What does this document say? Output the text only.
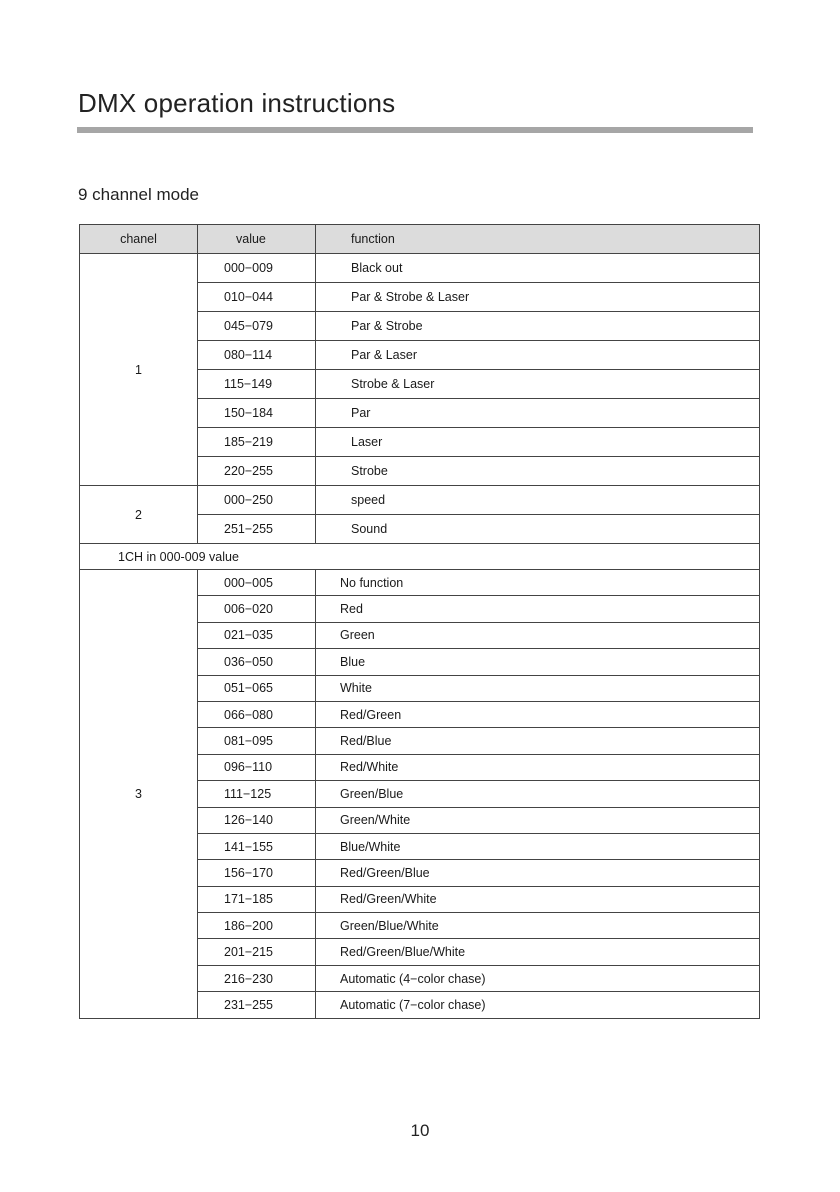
DMX operation instructions
9 channel mode
chanel	value	function
1	000−009	Black out
	010−044	Par & Strobe & Laser
	045−079	Par & Strobe
	080−114	Par & Laser
	115−149	Strobe & Laser
	150−184	Par
	185−219	Laser
	220−255	Strobe
2	000−250	speed
	251−255	Sound
1CH in 000-009 value		
3	000−005	No function
	006−020	Red
	021−035	Green
	036−050	Blue
	051−065	White
	066−080	Red/Green
	081−095	Red/Blue
	096−110	Red/White
	111−125	Green/Blue
	126−140	Green/White
	141−155	Blue/White
	156−170	Red/Green/Blue
	171−185	Red/Green/White
	186−200	Green/Blue/White
	201−215	Red/Green/Blue/White
	216−230	Automatic (4−color chase)
	231−255	Automatic (7−color chase)
10
